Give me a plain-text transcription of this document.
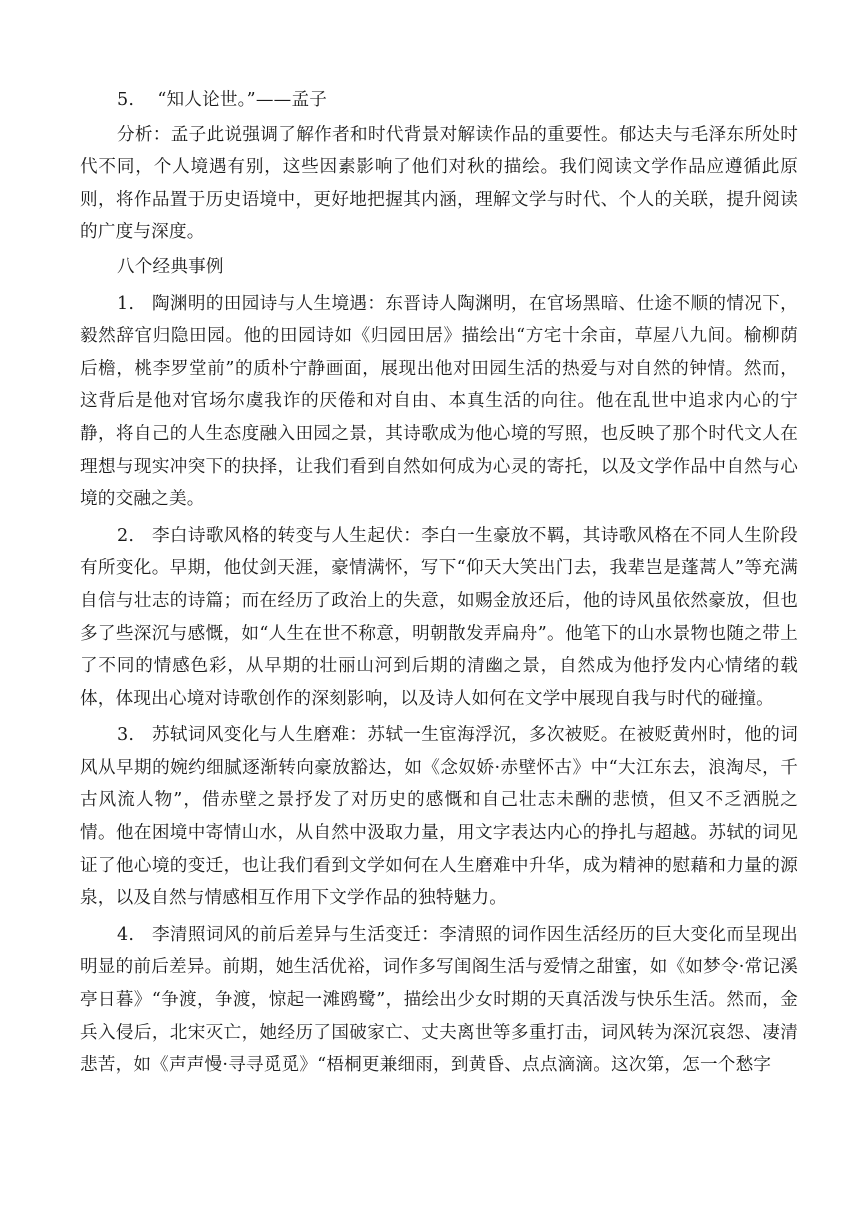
5. “知人论世。”——孟子

分析：孟子此说强调了解作者和时代背景对解读作品的重要性。郁达夫与毛泽东所处时代不同，个人境遇有别，这些因素影响了他们对秋的描绘。我们阅读文学作品应遵循此原则，将作品置于历史语境中，更好地把握其内涵，理解文学与时代、个人的关联，提升阅读的广度与深度。

八个经典事例

1. 陶渊明的田园诗与人生境遇：东晋诗人陶渊明，在官场黑暗、仕途不顺的情况下，毅然辞官归隐田园。他的田园诗如《归园田居》描绘出“方宅十余亩，草屋八九间。榆柳荫后檐，桃李罗堂前”的质朴宁静画面，展现出他对田园生活的热爱与对自然的钟情。然而，这背后是他对官场尔虞我诈的厌倦和对自由、本真生活的向往。他在乱世中追求内心的宁静，将自己的人生态度融入田园之景，其诗歌成为他心境的写照，也反映了那个时代文人在理想与现实冲突下的抉择，让我们看到自然如何成为心灵的寄托，以及文学作品中自然与心境的交融之美。

2. 李白诗歌风格的转变与人生起伏：李白一生豪放不羁，其诗歌风格在不同人生阶段有所变化。早期，他仗剑天涯，豪情满怀，写下“仰天大笑出门去，我辈岂是蓬蒿人”等充满自信与壮志的诗篇；而在经历了政治上的失意，如赐金放还后，他的诗风虽依然豪放，但也多了些深沉与感慨，如“人生在世不称意，明朝散发弄扁舟”。他笔下的山水景物也随之带上了不同的情感色彩，从早期的壮丽山河到后期的清幽之景，自然成为他抒发内心情绪的载体，体现出心境对诗歌创作的深刻影响，以及诗人如何在文学中展现自我与时代的碰撞。

3. 苏轼词风变化与人生磨难：苏轼一生宦海浮沉，多次被贬。在被贬黄州时，他的词风从早期的婉约细腻逐渐转向豪放豁达，如《念奴娇·赤壁怀古》中“大江东去，浪淘尽，千古风流人物”，借赤壁之景抒发了对历史的感慨和自己壮志未酬的悲愤，但又不乏洒脱之情。他在困境中寄情山水，从自然中汲取力量，用文字表达内心的挣扎与超越。苏轼的词见证了他心境的变迁，也让我们看到文学如何在人生磨难中升华，成为精神的慰藉和力量的源泉，以及自然与情感相互作用下文学作品的独特魅力。

4. 李清照词风的前后差异与生活变迁：李清照的词作因生活经历的巨大变化而呈现出明显的前后差异。前期，她生活优裕，词作多写闺阁生活与爱情之甜蜜，如《如梦令·常记溪亭日暮》“争渡，争渡，惊起一滩鸥鹭”，描绘出少女时期的天真活泼与快乐生活。然而，金兵入侵后，北宋灭亡，她经历了国破家亡、丈夫离世等多重打击，词风转为深沉哀怨、凄清悲苦，如《声声慢·寻寻觅觅》“梧桐更兼细雨，到黄昏、点点滴滴。这次第，怎一个愁字
